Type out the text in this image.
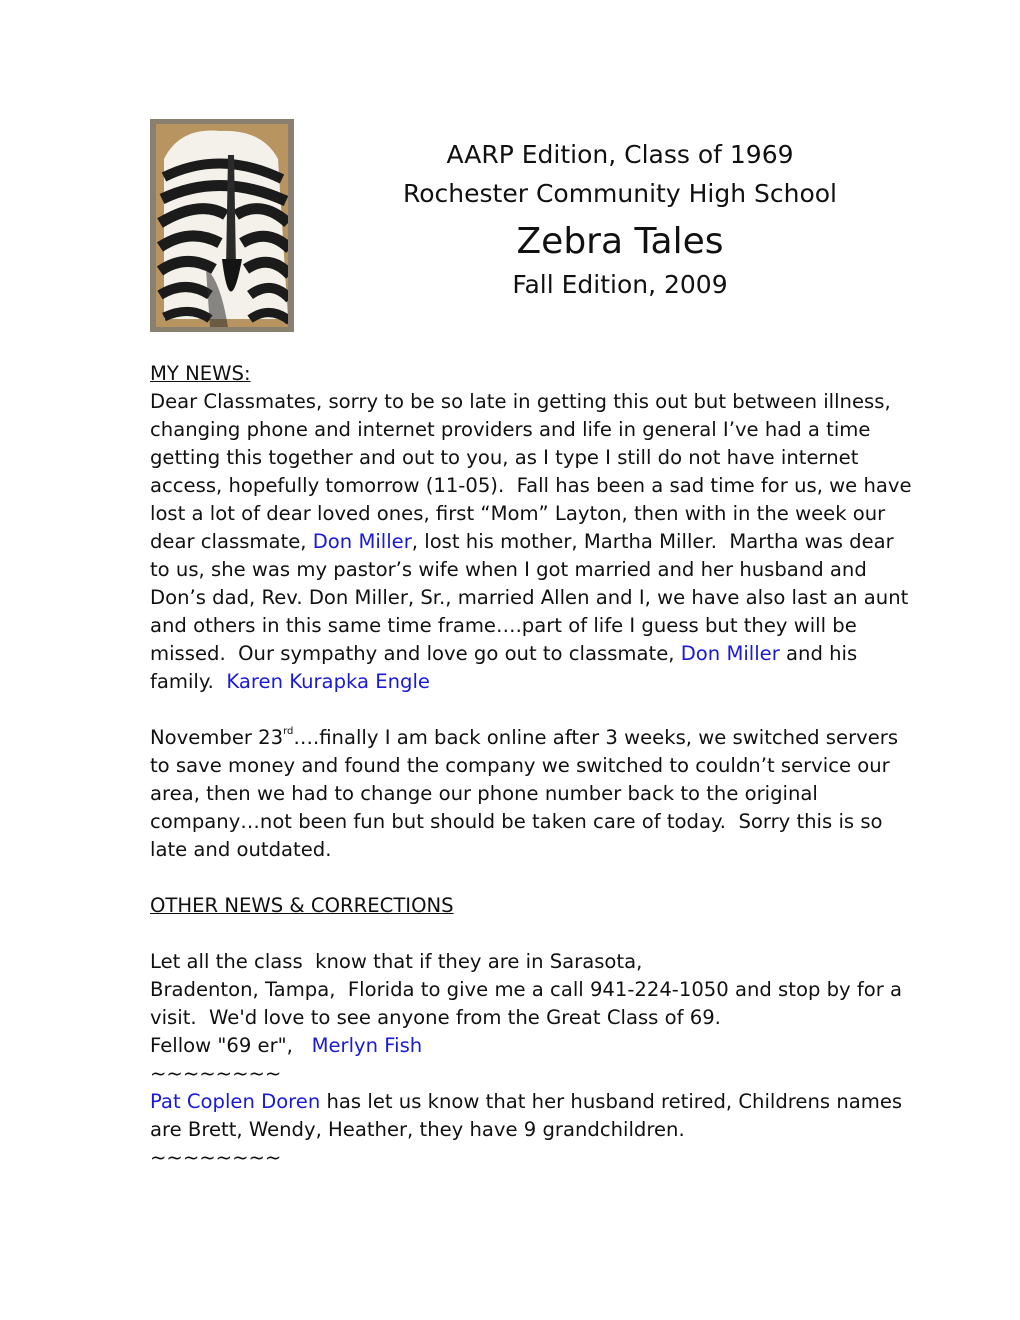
AARP Edition, Class of 1969
Rochester Community High School
Zebra Tales
Fall Edition, 2009
MY NEWS:
Dear Classmates, sorry to be so late in getting this out but between illness,
changing phone and internet providers and life in general I’ve had a time
getting this together and out to you, as I type I still do not have internet
access, hopefully tomorrow (11-05).  Fall has been a sad time for us, we have
lost a lot of dear loved ones, first “Mom” Layton, then with in the week our
dear classmate, Don Miller, lost his mother, Martha Miller.  Martha was dear
to us, she was my pastor’s wife when I got married and her husband and
Don’s dad, Rev. Don Miller, Sr., married Allen and I, we have also last an aunt
and others in this same time frame….part of life I guess but they will be
missed.  Our sympathy and love go out to classmate, Don Miller and his
family.  Karen Kurapka Engle
November 23rd….finally I am back online after 3 weeks, we switched servers
to save money and found the company we switched to couldn’t service our
area, then we had to change our phone number back to the original
company…not been fun but should be taken care of today.  Sorry this is so
late and outdated.
OTHER NEWS & CORRECTIONS
Let all the class  know that if they are in Sarasota,
Bradenton, Tampa,  Florida to give me a call 941-224-1050 and stop by for a
visit.  We'd love to see anyone from the Great Class of 69.
Fellow "69 er",   Merlyn Fish
~~~~~~~~
Pat Coplen Doren has let us know that her husband retired, Childrens names
are Brett, Wendy, Heather, they have 9 grandchildren.
~~~~~~~~
